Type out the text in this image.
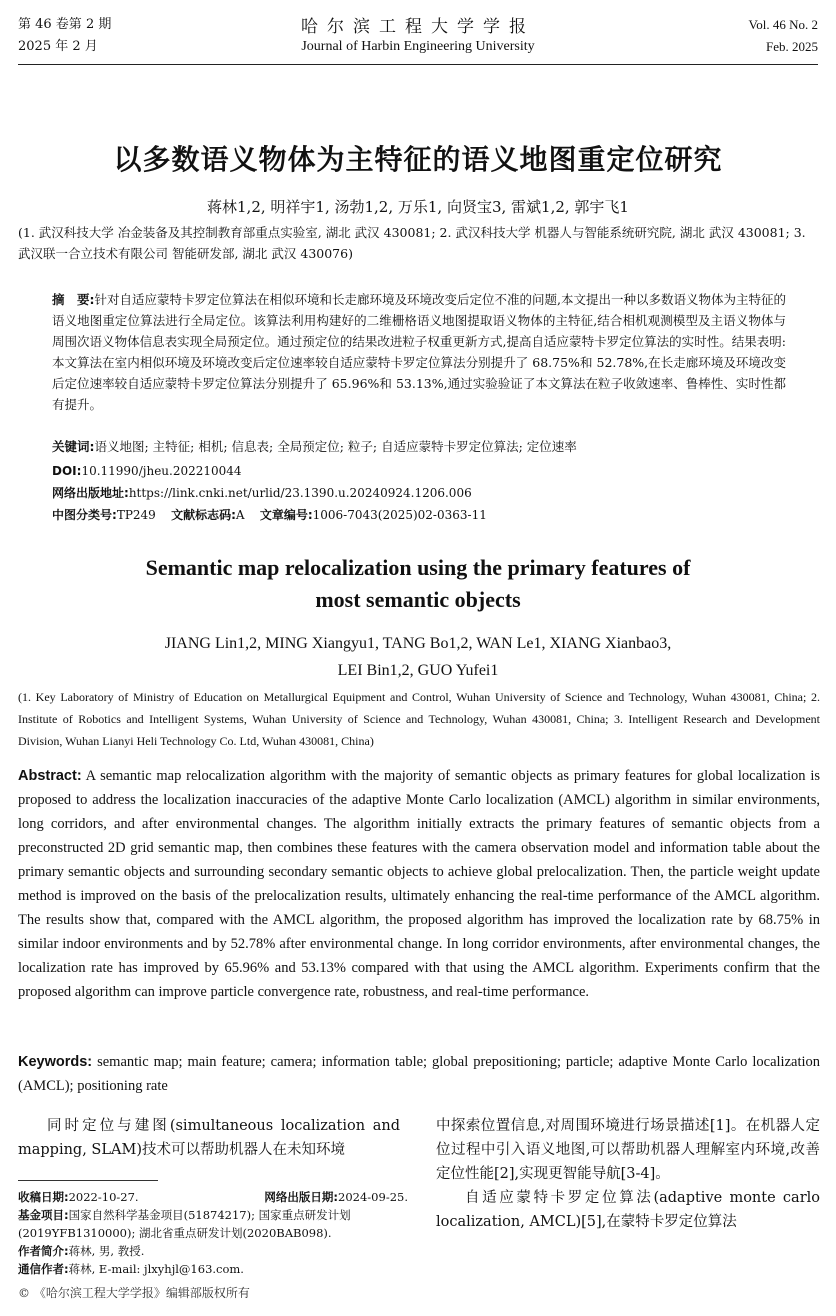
第 46 卷第 2 期
2025 年 2 月
哈尔滨工程大学学报
Journal of Harbin Engineering University
Vol. 46 No. 2
Feb. 2025
以多数语义物体为主特征的语义地图重定位研究
蒋林1,2, 明祥宇1, 汤勃1,2, 万乐1, 向贤宝3, 雷斌1,2, 郭宇飞1
(1. 武汉科技大学 冶金装备及其控制教育部重点实验室, 湖北 武汉 430081; 2. 武汉科技大学 机器人与智能系统研究院, 湖北 武汉 430081; 3. 武汉联一合立技术有限公司 智能研发部, 湖北 武汉 430076)
摘　要:针对自适应蒙特卡罗定位算法在相似环境和长走廊环境及环境改变后定位不准的问题,本文提出一种以多数语义物体为主特征的语义地图重定位算法进行全局定位。该算法利用构建好的二维栅格语义地图提取语义物体的主特征,结合相机观测模型及主语义物体与周围次语义物体信息表实现全局预定位。通过预定位的结果改进粒子权重更新方式,提高自适应蒙特卡罗定位算法的实时性。结果表明:本文算法在室内相似环境及环境改变后定位速率较自适应蒙特卡罗定位算法分别提升了 68.75%和 52.78%,在长走廊环境及环境改变后定位速率较自适应蒙特卡罗定位算法分别提升了 65.96%和 53.13%,通过实验验证了本文算法在粒子收敛速率、鲁棒性、实时性都有提升。
关键词:语义地图; 主特征; 相机; 信息表; 全局预定位; 粒子; 自适应蒙特卡罗定位算法; 定位速率
DOI:10.11990/jheu.202210044
网络出版地址:https://link.cnki.net/urlid/23.1390.u.20240924.1206.006
中图分类号:TP249 文献标志码:A 文章编号:1006-7043(2025)02-0363-11
Semantic map relocalization using the primary features of
most semantic objects
JIANG Lin1,2, MING Xiangyu1, TANG Bo1,2, WAN Le1, XIANG Xianbao3,
LEI Bin1,2, GUO Yufei1
(1. Key Laboratory of Ministry of Education on Metallurgical Equipment and Control, Wuhan University of Science and Technology, Wuhan 430081, China; 2. Institute of Robotics and Intelligent Systems, Wuhan University of Science and Technology, Wuhan 430081, China; 3. Intelligent Research and Development Division, Wuhan Lianyi Heli Technology Co. Ltd, Wuhan 430081, China)
Abstract: A semantic map relocalization algorithm with the majority of semantic objects as primary features for global localization is proposed to address the localization inaccuracies of the adaptive Monte Carlo localization (AMCL) algorithm in similar environments, long corridors, and after environmental changes. The algorithm initially extracts the primary features of semantic objects from a preconstructed 2D grid semantic map, then combines these features with the camera observation model and information table about the primary semantic objects and surrounding secondary semantic objects to achieve global prelocalization. Then, the particle weight update method is improved on the basis of the prelocalization results, ultimately enhancing the real-time performance of the AMCL algorithm. The results show that, compared with the AMCL algorithm, the proposed algorithm has improved the localization rate by 68.75% in similar indoor environments and by 52.78% after environmental change. In long corridor environments, after environmental changes, the localization rate has improved by 65.96% and 53.13% compared with that using the AMCL algorithm. Experiments confirm that the proposed algorithm can improve particle convergence rate, robustness, and real-time performance.
Keywords: semantic map; main feature; camera; information table; global prepositioning; particle; adaptive Monte Carlo localization (AMCL); positioning rate
同时定位与建图(simultaneous localization and mapping, SLAM)技术可以帮助机器人在未知环境
收稿日期:2022-10-27.	网络出版日期:2024-09-25.
基金项目:国家自然科学基金项目(51874217); 国家重点研发计划(2019YFB1310000); 湖北省重点研发计划(2020BAB098).
作者简介:蒋林, 男, 教授.
通信作者:蒋林, E-mail: jlxyhjl@163.com.

中探索位置信息,对周围环境进行场景描述[1]。在机器人定位过程中引入语义地图,可以帮助机器人理解室内环境,改善定位性能[2],实现更智能导航[3-4]。

自适应蒙特卡罗定位算法(adaptive monte carlo localization, AMCL)[5],在蒙特卡罗定位算法

© 《哈尔滨工程大学学报》编辑部版权所有
